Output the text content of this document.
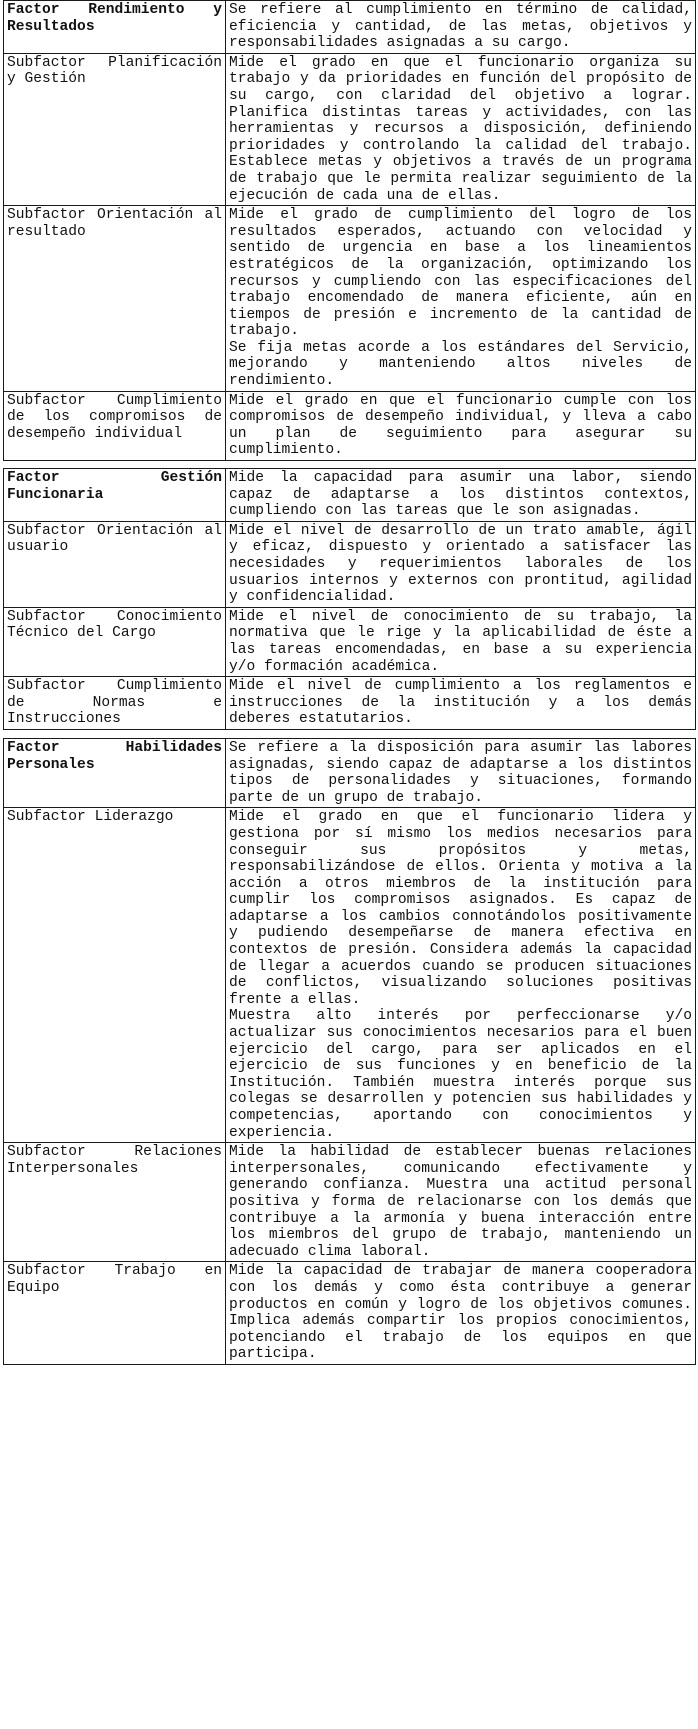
Factor Rendimiento y Resultados	Se refiere al cumplimiento en término de calidad, eficiencia y cantidad, de las metas, objetivos y responsabilidades asignadas a su cargo.

Subfactor Planificación y Gestión	Mide el grado en que el funcionario organiza su trabajo y da prioridades en función del propósito de su cargo, con claridad del objetivo a lograr. Planifica distintas tareas y actividades, con las herramientas y recursos a disposición, definiendo prioridades y controlando la calidad del trabajo. Establece metas y objetivos a través de un programa de trabajo que le permita realizar seguimiento de la ejecución de cada una de ellas.

Subfactor Orientación al resultado	Mide el grado de cumplimiento del logro de los resultados esperados, actuando con velocidad y sentido de urgencia en base a los lineamientos estratégicos de la organización, optimizando los recursos y cumpliendo con las especificaciones del trabajo encomendado de manera eficiente, aún en tiempos de presión e incremento de la cantidad de trabajo.
Se fija metas acorde a los estándares del Servicio, mejorando y manteniendo altos niveles de rendimiento.

Subfactor Cumplimiento de los compromisos de desempeño individual	Mide el grado en que el funcionario cumple con los compromisos de desempeño individual, y lleva a cabo un plan de seguimiento para asegurar su cumplimiento.
Factor Gestión Funcionaria	Mide la capacidad para asumir una labor, siendo capaz de adaptarse a los distintos contextos, cumpliendo con las tareas que le son asignadas.

Subfactor Orientación al usuario	Mide el nivel de desarrollo de un trato amable, ágil y eficaz, dispuesto y orientado a satisfacer las necesidades y requerimientos laborales de los usuarios internos y externos con prontitud, agilidad y confidencialidad.

Subfactor Conocimiento Técnico del Cargo	Mide el nivel de conocimiento de su trabajo, la normativa que le rige y la aplicabilidad de éste a las tareas encomendadas, en base a su experiencia y/o formación académica.

Subfactor Cumplimiento de Normas e Instrucciones	Mide el nivel de cumplimiento a los reglamentos e instrucciones de la institución y a los demás deberes estatutarios.
Factor Habilidades Personales	Se refiere a la disposición para asumir las labores asignadas, siendo capaz de adaptarse a los distintos tipos de personalidades y situaciones, formando parte de un grupo de trabajo.

Subfactor Liderazgo	Mide el grado en que el funcionario lidera y gestiona por sí mismo los medios necesarios para conseguir sus propósitos y metas, responsabilizándose de ellos. Orienta y motiva a la acción a otros miembros de la institución para cumplir los compromisos asignados. Es capaz de adaptarse a los cambios connotándolos positivamente y pudiendo desempeñarse de manera efectiva en contextos de presión. Considera además la capacidad de llegar a acuerdos cuando se producen situaciones de conflictos, visualizando soluciones positivas frente a ellas.
Muestra alto interés por perfeccionarse y/o actualizar sus conocimientos necesarios para el buen ejercicio del cargo, para ser aplicados en el ejercicio de sus funciones y en beneficio de la Institución. También muestra interés porque sus colegas se desarrollen y potencien sus habilidades y competencias, aportando con conocimientos y experiencia.

Subfactor Relaciones Interpersonales	Mide la habilidad de establecer buenas relaciones interpersonales, comunicando efectivamente y generando confianza. Muestra una actitud personal positiva y forma de relacionarse con los demás que contribuye a la armonía y buena interacción entre los miembros del grupo de trabajo, manteniendo un adecuado clima laboral.

Subfactor Trabajo en Equipo	Mide la capacidad de trabajar de manera cooperadora con los demás y como ésta contribuye a generar productos en común y logro de los objetivos comunes. Implica además compartir los propios conocimientos, potenciando el trabajo de los equipos en que participa.
